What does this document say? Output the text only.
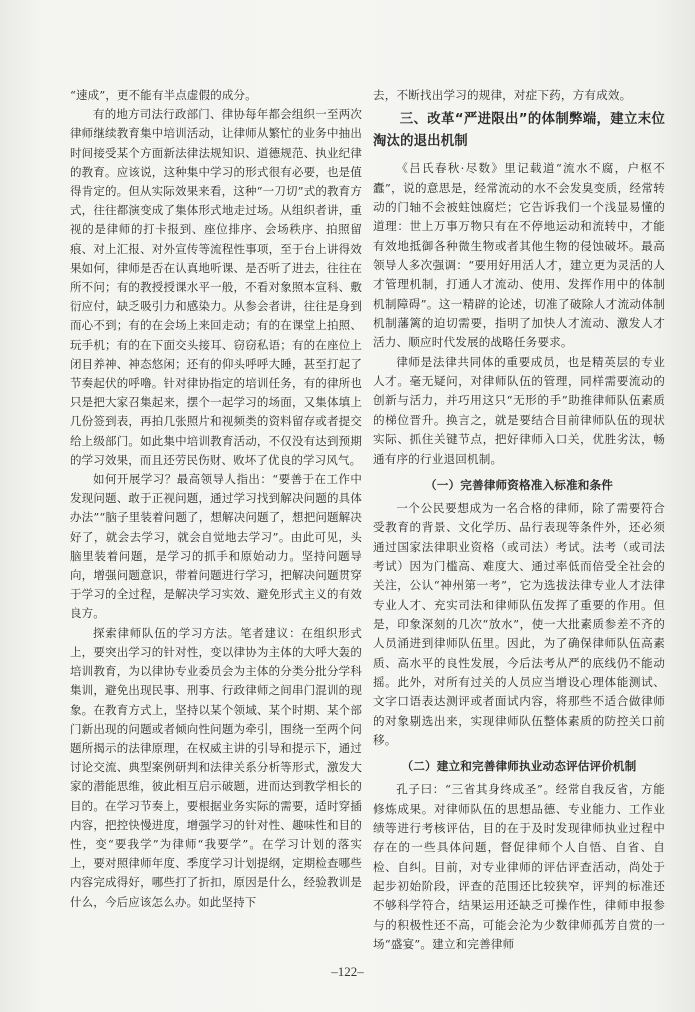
“速成”，更不能有半点虚假的成分。

有的地方司法行政部门、律协每年都会组织一至两次律师继续教育集中培训活动，让律师从繁忙的业务中抽出时间接受某个方面新法律法规知识、道德规范、执业纪律的教育。应该说，这种集中学习的形式很有必要，也是值得肯定的。但从实际效果来看，这种“一刀切”式的教育方式，往往都演变成了集体形式地走过场。从组织者讲，重视的是律师的打卡报到、座位排序、会场秩序、拍照留痕、对上汇报、对外宣传等流程性事项，至于台上讲得效果如何，律师是否在认真地听课、是否听了进去，往往在所不问；有的教授授课水平一般，不看对象照本宣科、敷衍应付，缺乏吸引力和感染力。从参会者讲，往往是身到而心不到；有的在会场上来回走动；有的在课堂上拍照、玩手机；有的在下面交头接耳、窃窃私语；有的在座位上闭目养神、神态悠闲；还有的仰头呼呼大睡，甚至打起了节奏起伏的呼噜。针对律协指定的培训任务，有的律所也只是把大家召集起来，摆个一起学习的场面，又集体填上几份签到表，再拍几张照片和视频类的资料留存或者提交给上级部门。如此集中培训教育活动，不仅没有达到预期的学习效果，而且还劳民伤财、败坏了优良的学习风气。

如何开展学习？最高领导人指出：“要善于在工作中发现问题、敢于正视问题，通过学习找到解决问题的具体办法”“脑子里装着问题了，想解决问题了，想把问题解决好了，就会去学习，就会自觉地去学习”。由此可见，头脑里装着问题，是学习的抓手和原始动力。坚持问题导向，增强问题意识，带着问题进行学习，把解决问题贯穿于学习的全过程，是解决学习实效、避免形式主义的有效良方。

探索律师队伍的学习方法。笔者建议：在组织形式上，要突出学习的针对性，变以律协为主体的大呼大轰的培训教育，为以律协专业委员会为主体的分类分批分学科集训，避免出现民事、刑事、行政律师之间串门混训的现象。在教育方式上，坚持以某个领域、某个时期、某个部门新出现的问题或者倾向性问题为牵引，围绕一至两个问题所揭示的法律原理，在权威主讲的引导和提示下，通过讨论交流、典型案例研判和法律关系分析等形式，激发大家的潜能思维，彼此相互启示破题，进而达到教学相长的目的。在学习节奏上，要根据业务实际的需要，适时穿插内容，把控快慢进度，增强学习的针对性、趣味性和目的性，变“要我学”为律师“我要学”。在学习计划的落实上，要对照律师年度、季度学习计划提纲，定期检查哪些内容完成得好，哪些打了折扣，原因是什么，经验教训是什么，今后应该怎么办。如此坚持下

去，不断找出学习的规律，对症下药，方有成效。

三、改革“严进限出”的体制弊端，建立末位淘汰的退出机制

《吕氏春秋·尽数》里记载道“流水不腐，户枢不蠹”，说的意思是，经常流动的水不会发臭变质，经常转动的门轴不会被蛀蚀腐烂；它告诉我们一个浅显易懂的道理：世上万事万物只有在不停地运动和流转中，才能有效地抵御各种微生物或者其他生物的侵蚀破坏。最高领导人多次强调：“要用好用活人才，建立更为灵活的人才管理机制，打通人才流动、使用、发挥作用中的体制机制障碍”。这一精辟的论述，切准了破除人才流动体制机制藩篱的迫切需要，指明了加快人才流动、激发人才活力、顺应时代发展的战略任务要求。

律师是法律共同体的重要成员，也是精英层的专业人才。毫无疑问，对律师队伍的管理，同样需要流动的创新与活力，并巧用这只“无形的手”助推律师队伍素质的梯位晋升。换言之，就是要结合目前律师队伍的现状实际、抓住关键节点，把好律师入口关，优胜劣汰，畅通有序的行业退回机制。

（一）完善律师资格准入标准和条件

一个公民要想成为一名合格的律师，除了需要符合受教育的背景、文化学历、品行表现等条件外，还必须通过国家法律职业资格（或司法）考试。法考（或司法考试）因为门槛高、难度大、通过率低而倍受全社会的关注，公认“神州第一考”，它为选拔法律专业人才法律专业人才、充实司法和律师队伍发挥了重要的作用。但是，印象深刻的几次“放水”，使一大批素质参差不齐的人员涌进到律师队伍里。因此，为了确保律师队伍高素质、高水平的良性发展，今后法考从严的底线仍不能动摇。此外，对所有过关的人员应当增设心理体能测试、文字口语表达测评或者面试内容，将那些不适合做律师的对象剔选出来，实现律师队伍整体素质的防控关口前移。

（二）建立和完善律师执业动态评估评价机制

孔子曰：“三省其身终成圣”。经常自我反省，方能修炼成果。对律师队伍的思想品德、专业能力、工作业绩等进行考核评估，目的在于及时发现律师执业过程中存在的一些具体问题，督促律师个人自悟、自省、自检、自纠。目前，对专业律师的评估评查活动，尚处于起步初始阶段，评查的范围还比较狭窄，评判的标准还不够科学符合，结果运用还缺乏可操作性，律师申报参与的积极性还不高，可能会沦为少数律师孤芳自赏的一场“盛宴”。建立和完善律师

–122–
